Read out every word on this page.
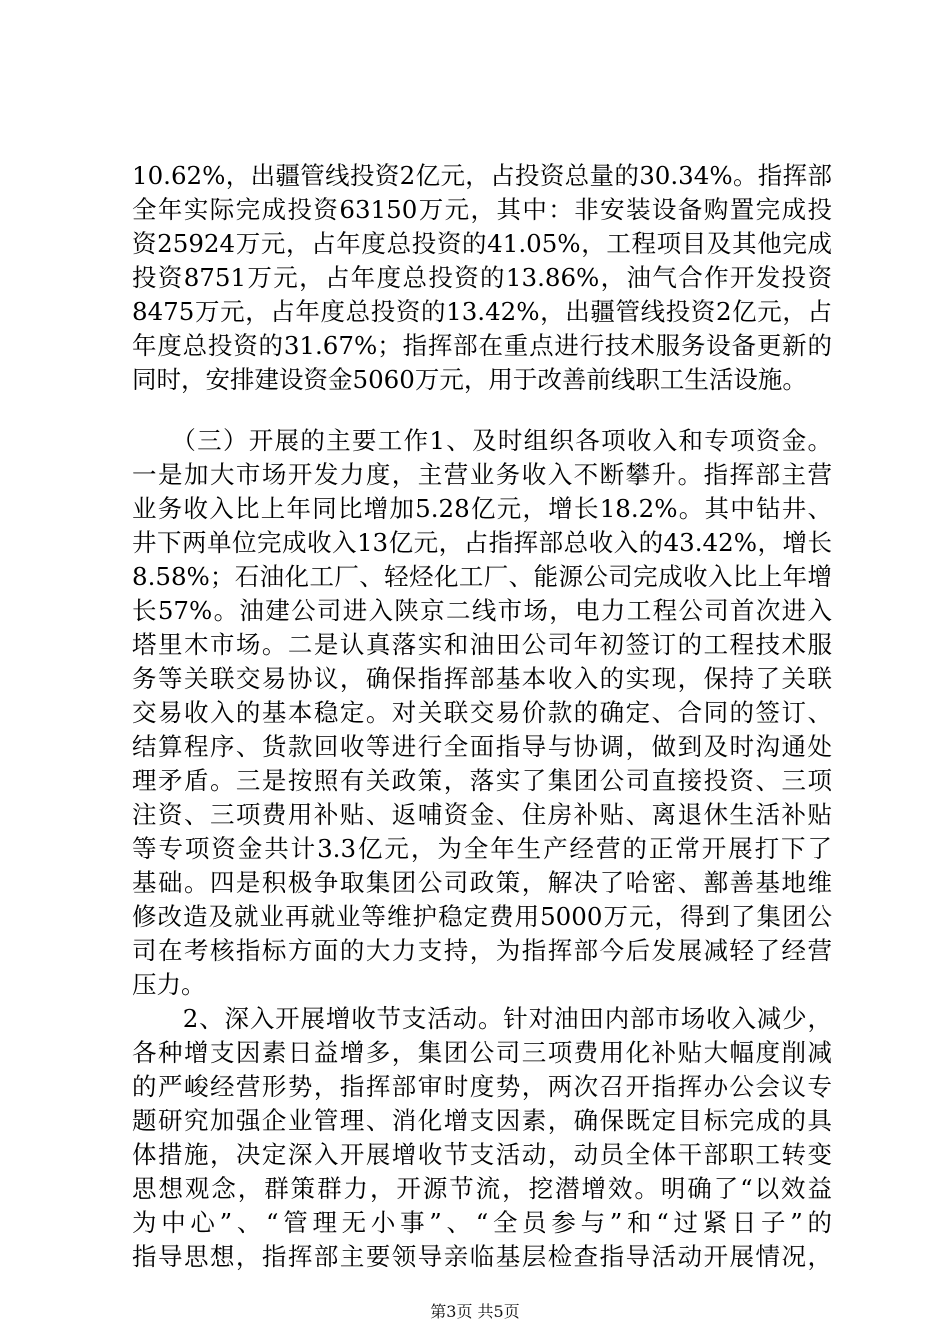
10.62%，出疆管线投资2亿元，占投资总量的30.34%。指挥部
全年实际完成投资63150万元，其中：非安装设备购置完成投
资25924万元，占年度总投资的41.05%，工程项目及其他完成
投资8751万元，占年度总投资的13.86%，油气合作开发投资
8475万元，占年度总投资的13.42%，出疆管线投资2亿元，占
年度总投资的31.67%；指挥部在重点进行技术服务设备更新的
同时，安排建设资金5060万元，用于改善前线职工生活设施。
　　（三）开展的主要工作1、及时组织各项收入和专项资金。
一是加大市场开发力度，主营业务收入不断攀升。指挥部主营
业务收入比上年同比增加5.28亿元，增长18.2%。其中钻井、
井下两单位完成收入13亿元，占指挥部总收入的43.42%，增长
8.58%；石油化工厂、轻烃化工厂、能源公司完成收入比上年增
长57%。油建公司进入陕京二线市场，电力工程公司首次进入
塔里木市场。二是认真落实和油田公司年初签订的工程技术服
务等关联交易协议，确保指挥部基本收入的实现，保持了关联
交易收入的基本稳定。对关联交易价款的确定、合同的签订、
结算程序、货款回收等进行全面指导与协调，做到及时沟通处
理矛盾。三是按照有关政策，落实了集团公司直接投资、三项
注资、三项费用补贴、返哺资金、住房补贴、离退休生活补贴
等专项资金共计3.3亿元，为全年生产经营的正常开展打下了
基础。四是积极争取集团公司政策，解决了哈密、鄯善基地维
修改造及就业再就业等维护稳定费用5000万元，得到了集团公
司在考核指标方面的大力支持，为指挥部今后发展减轻了经营
压力。
　　2、深入开展增收节支活动。针对油田内部市场收入减少，
各种增支因素日益增多，集团公司三项费用化补贴大幅度削减
的严峻经营形势，指挥部审时度势，两次召开指挥办公会议专
题研究加强企业管理、消化增支因素，确保既定目标完成的具
体措施，决定深入开展增收节支活动，动员全体干部职工转变
思想观念，群策群力，开源节流，挖潜增效。明确了“以效益
为中心”、“管理无小事”、“全员参与”和“过紧日子”的
指导思想，指挥部主要领导亲临基层检查指导活动开展情况，
第3页 共5页
